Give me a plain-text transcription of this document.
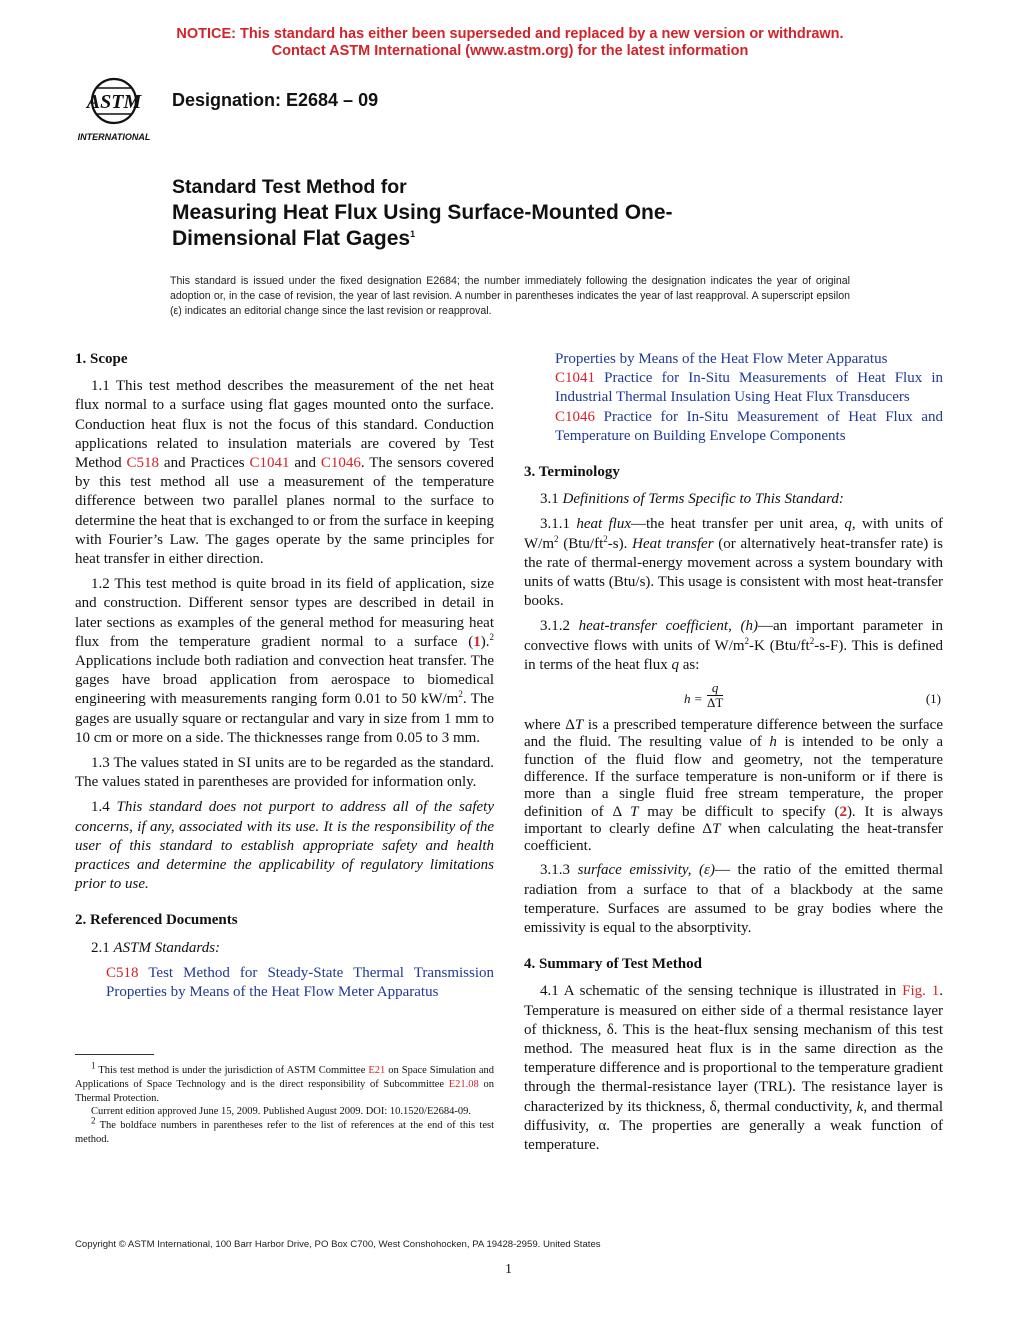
NOTICE: This standard has either been superseded and replaced by a new version or withdrawn.
Contact ASTM International (www.astm.org) for the latest information
ASTM
INTERNATIONAL
Designation: E2684 – 09
Standard Test Method for
Measuring Heat Flux Using Surface-Mounted One-
Dimensional Flat Gages$^1$
This standard is issued under the fixed designation E2684; the number immediately following the designation indicates the year of original adoption or, in the case of revision, the year of last revision. A number in parentheses indicates the year of last reapproval. A superscript epsilon (ε) indicates an editorial change since the last revision or reapproval.
1. Scope

1.1 This test method describes the measurement of the net heat flux normal to a surface using flat gages mounted onto the surface. Conduction heat flux is not the focus of this standard. Conduction applications related to insulation materials are covered by Test Method C518 and Practices C1041 and C1046. The sensors covered by this test method all use a measurement of the temperature difference between two parallel planes normal to the surface to determine the heat that is exchanged to or from the surface in keeping with Fourier’s Law. The gages operate by the same principles for heat transfer in either direction.

1.2 This test method is quite broad in its field of application, size and construction. Different sensor types are described in detail in later sections as examples of the general method for measuring heat flux from the temperature gradient normal to a surface (1).$^2$ Applications include both radiation and convection heat transfer. The gages have broad application from aerospace to biomedical engineering with measurements ranging form 0.01 to 50 $kW/m^2$. The gages are usually square or rectangular and vary in size from 1 mm to 10 cm or more on a side. The thicknesses range from 0.05 to 3 mm.

1.3 The values stated in SI units are to be regarded as the standard. The values stated in parentheses are provided for information only.

1.4 This standard does not purport to address all of the safety concerns, if any, associated with its use. It is the responsibility of the user of this standard to establish appropriate safety and health practices and determine the applicability of regulatory limitations prior to use.

2. Referenced Documents

2.1 ASTM Standards:

C518 Test Method for Steady-State Thermal Transmission Properties by Means of the Heat Flow Meter Apparatus

Properties by Means of the Heat Flow Meter Apparatus

C1041 Practice for In-Situ Measurements of Heat Flux in Industrial Thermal Insulation Using Heat Flux Transducers

C1046 Practice for In-Situ Measurement of Heat Flux and Temperature on Building Envelope Components

3. Terminology

3.1 Definitions of Terms Specific to This Standard:

3.1.1 heat flux—the heat transfer per unit area, q, with units of $W/m^2$ $(Btu/ft^2-s)$. Heat transfer (or alternatively heat-transfer rate) is the rate of thermal-energy movement across a system boundary with units of watts (Btu/s). This usage is consistent with most heat-transfer books.

3.1.2 heat-transfer coefficient, (h)—an important parameter in convective flows with units of $W/m^2-K$ $(Btu/ft^2-s-F)$. This is defined in terms of the heat flux q as:

$h = \frac{q}{\Delta T}$	(1)

where ΔT is a prescribed temperature difference between the surface and the fluid. The resulting value of h is intended to be only a function of the fluid flow and geometry, not the temperature difference. If the surface temperature is non-uniform or if there is more than a single fluid free stream temperature, the proper definition of Δ T may be difficult to specify (2). It is always important to clearly define ΔT when calculating the heat-transfer coefficient.

3.1.3 surface emissivity, (ε)— the ratio of the emitted thermal radiation from a surface to that of a blackbody at the same temperature. Surfaces are assumed to be gray bodies where the emissivity is equal to the absorptivity.

4. Summary of Test Method

4.1 A schematic of the sensing technique is illustrated in Fig. 1. Temperature is measured on either side of a thermal resistance layer of thickness, δ. This is the heat-flux sensing mechanism of this test method. The measured heat flux is in the same direction as the temperature difference and is proportional to the temperature gradient through the thermal-resistance layer (TRL). The resistance layer is characterized by its thickness, δ, thermal conductivity, k, and thermal diffusivity, α. The properties are generally a weak function of temperature.

$^1$ This test method is under the jurisdiction of ASTM Committee E21 on Space Simulation and Applications of Space Technology and is the direct responsibility of Subcommittee E21.08 on Thermal Protection.

Current edition approved June 15, 2009. Published August 2009. DOI: 10.1520/E2684-09.

$^2$ The boldface numbers in parentheses refer to the list of references at the end of this test method.

Copyright © ASTM International, 100 Barr Harbor Drive, PO Box C700, West Conshohocken, PA 19428-2959. United States
1
